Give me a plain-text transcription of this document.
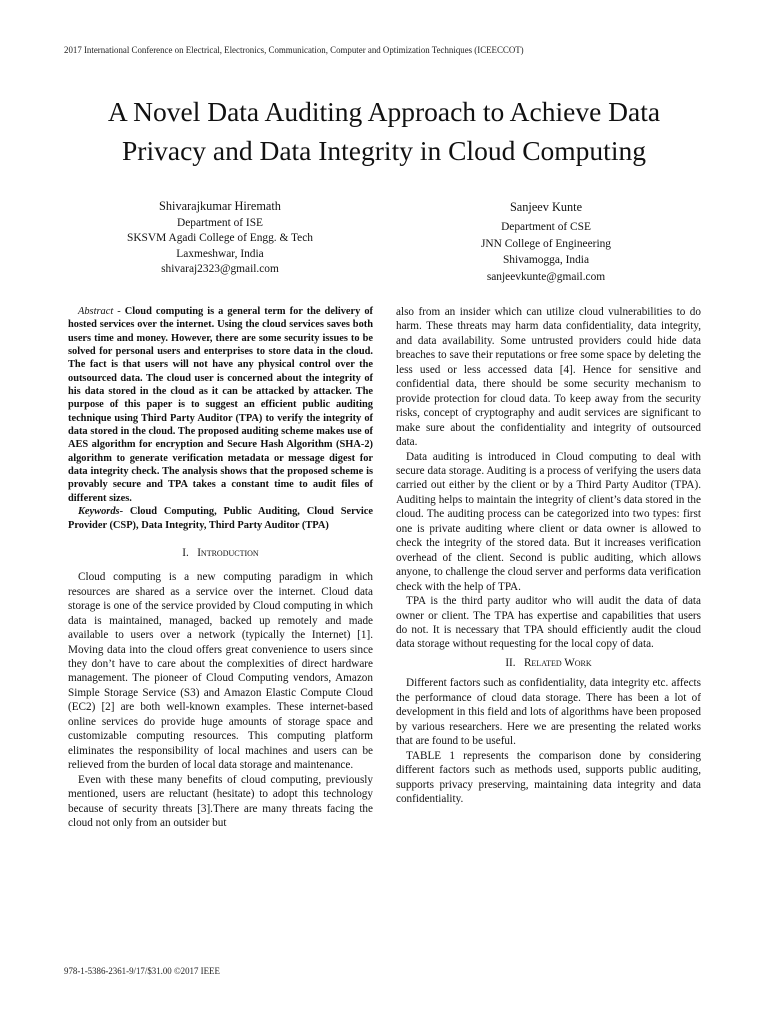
2017 International Conference on Electrical, Electronics, Communication, Computer and Optimization Techniques (ICEECCOT)
A Novel Data Auditing Approach to Achieve Data
Privacy and Data Integrity in Cloud Computing
Shivarajkumar Hiremath
Department of ISE
SKSVM Agadi College of Engg. & Tech
Laxmeshwar, India
shivaraj2323@gmail.com
Sanjeev Kunte
Department of CSE
JNN College of Engineering
Shivamogga, India
sanjeevkunte@gmail.com

Abstract - Cloud computing is a general term for the delivery of hosted services over the internet. Using the cloud services saves both users time and money. However, there are some security issues to be solved for personal users and enterprises to store data in the cloud. The fact is that users will not have any physical control over the outsourced data. The cloud user is concerned about the integrity of his data stored in the cloud as it can be attacked by attacker. The purpose of this paper is to suggest an efficient public auditing technique using Third Party Auditor (TPA) to verify the integrity of data stored in the cloud. The proposed auditing scheme makes use of AES algorithm for encryption and Secure Hash Algorithm (SHA-2) algorithm to generate verification metadata or message digest for data integrity check. The analysis shows that the proposed scheme is provably secure and TPA takes a constant time to audit files of different sizes.

Keywords- Cloud Computing, Public Auditing, Cloud Service Provider (CSP), Data Integrity, Third Party Auditor (TPA)

I. Introduction

Cloud computing is a new computing paradigm in which resources are shared as a service over the internet. Cloud data storage is one of the service provided by Cloud computing in which data is maintained, managed, backed up remotely and made available to users over a network (typically the Internet) [1]. Moving data into the cloud offers great convenience to users since they don’t have to care about the complexities of direct hardware management. The pioneer of Cloud Computing vendors, Amazon Simple Storage Service (S3) and Amazon Elastic Compute Cloud (EC2) [2] are both well-known examples. These internet-based online services do provide huge amounts of storage space and customizable computing resources. This computing platform eliminates the responsibility of local machines and users can be relieved from the burden of local data storage and maintenance.

Even with these many benefits of cloud computing, previously mentioned, users are reluctant (hesitate) to adopt this technology because of security threats [3].There are many threats facing the cloud not only from an outsider but

also from an insider which can utilize cloud vulnerabilities to do harm. These threats may harm data confidentiality, data integrity, and data availability. Some untrusted providers could hide data breaches to save their reputations or free some space by deleting the less used or less accessed data [4]. Hence for sensitive and confidential data, there should be some security mechanism to provide protection for cloud data. To keep away from the security risks, concept of cryptography and audit services are significant to make sure about the confidentiality and integrity of outsourced data.

Data auditing is introduced in Cloud computing to deal with secure data storage. Auditing is a process of verifying the users data carried out either by the client or by a Third Party Auditor (TPA). Auditing helps to maintain the integrity of client’s data stored in the cloud. The auditing process can be categorized into two types: first one is private auditing where client or data owner is allowed to check the integrity of the stored data. But it increases verification overhead of the client. Second is public auditing, which allows anyone, to challenge the cloud server and performs data verification check with the help of TPA.

TPA is the third party auditor who will audit the data of data owner or client. The TPA has expertise and capabilities that users do not. It is necessary that TPA should efficiently audit the cloud data storage without requesting for the local copy of data.

II. Related Work

Different factors such as confidentiality, data integrity etc. affects the performance of cloud data storage. There has been a lot of development in this field and lots of algorithms have been proposed by various researchers. Here we are presenting the related works that are found to be useful.

TABLE 1 represents the comparison done by considering different factors such as methods used, supports public auditing, supports privacy preserving, maintaining data integrity and data confidentiality.

978-1-5386-2361-9/17/$31.00 ©2017 IEEE
